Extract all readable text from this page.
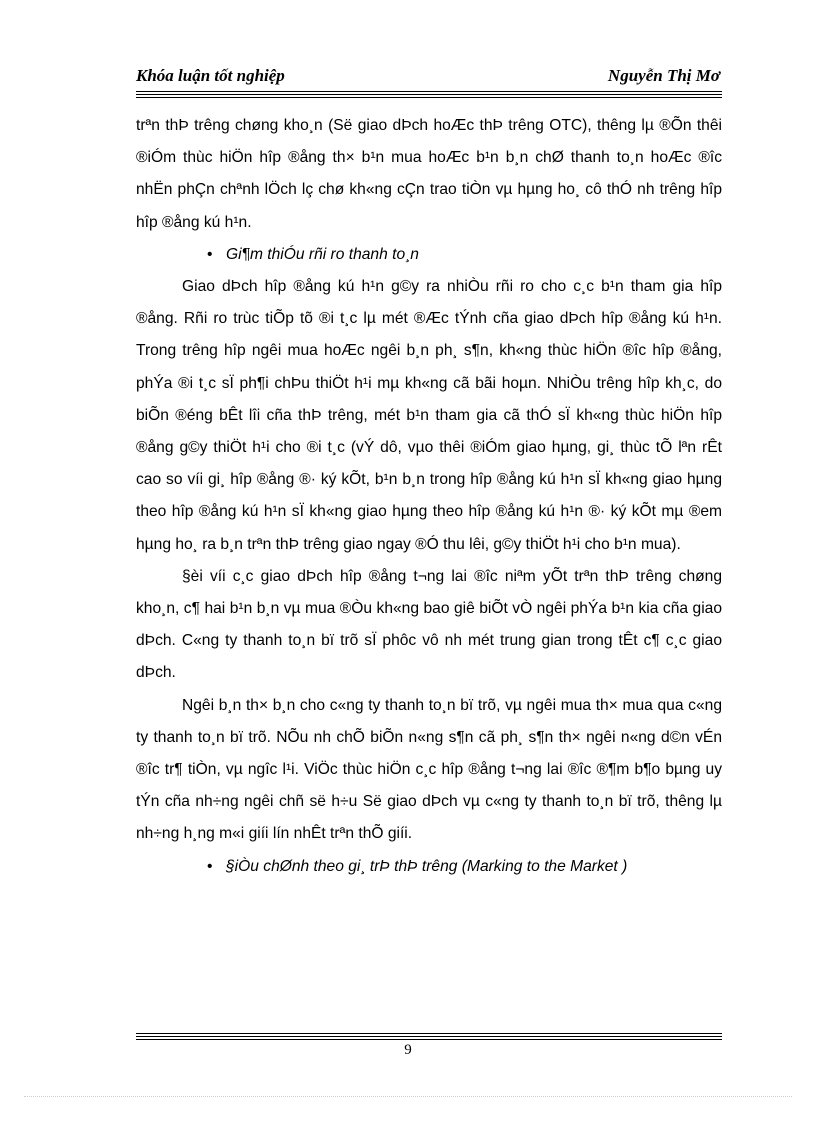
Khóa luận tốt nghiệp	Nguyễn Thị Mơ

trªn thÞ trêng chøng kho¸n (Së giao dÞch hoÆc thÞ trêng OTC), thêng lµ ®Õn thêi ®iÓm thùc hiÖn hîp ®ång th× b¹n mua hoÆc b¹n b¸n chØ thanh to¸n hoÆc ®îc nhËn phÇn chªnh lÖch lç chø kh«ng cÇn trao tiÒn vµ hµng ho¸ cô thÓ nh trêng hîp hîp ®ång kú h¹n.

• Gi¶m thiÓu rñi ro thanh to¸n

Giao dÞch hîp ®ång kú h¹n g©y ra nhiÒu rñi ro cho c¸c b¹n tham gia hîp ®ång. Rñi ro trùc tiÕp tõ ®i t¸c lµ mét ®Æc tÝnh cña giao dÞch hîp ®ång kú h¹n. Trong trêng hîp ngêi mua hoÆc ngêi b¸n ph¸ s¶n, kh«ng thùc hiÖn ®îc hîp ®ång, phÝa ®i t¸c sÏ ph¶i chÞu thiÖt h¹i mµ kh«ng cã bãi hoµn. NhiÒu trêng hîp kh¸c, do biÕn ®éng bÊt lîi cña thÞ trêng, mét b¹n tham gia cã thÓ sÏ kh«ng thùc hiÖn hîp ®ång g©y thiÖt h¹i cho ®i t¸c (vÝ dô, vµo thêi ®iÓm giao hµng, gi¸ thùc tÕ lªn rÊt cao so víi gi¸ hîp ®ång ®· ký kÕt, b¹n b¸n trong hîp ®ång kú h¹n sÏ kh«ng giao hµng theo hîp ®ång kú h¹n sÏ kh«ng giao hµng theo hîp ®ång kú h¹n ®· ký kÕt mµ ®em hµng ho¸ ra b¸n trªn thÞ trêng giao ngay ®Ó thu lêi, g©y thiÖt h¹i cho b¹n mua).

§èi víi c¸c giao dÞch hîp ®ång t¬ng lai ®îc niªm yÕt trªn thÞ trêng chøng kho¸n, c¶ hai b¹n b¸n vµ mua ®Òu kh«ng bao giê biÕt vÒ ngêi phÝa b¹n kia cña giao dÞch. C«ng ty thanh to¸n bï trõ sÏ phôc vô nh mét trung gian trong tÊt c¶ c¸c giao dÞch.

Ngêi b¸n th× b¸n cho c«ng ty thanh to¸n bï trõ, vµ ngêi mua th× mua qua c«ng ty thanh to¸n bï trõ. NÕu nh chÕ biÕn n«ng s¶n cã ph¸ s¶n th× ngêi n«ng d©n vÉn ®îc tr¶ tiÒn, vµ ngîc l¹i. ViÖc thùc hiÖn c¸c hîp ®ång t¬ng lai ®îc ®¶m b¶o bµng uy tÝn cña nh÷ng ngêi chñ së h÷u Së giao dÞch vµ c«ng ty thanh to¸n bï trõ, thêng lµ nh÷ng h¸ng m«i giíi lín nhÊt trªn thÕ giíi.

• §iÒu chØnh theo gi¸ trÞ thÞ trêng (Marking to the Market )

9
